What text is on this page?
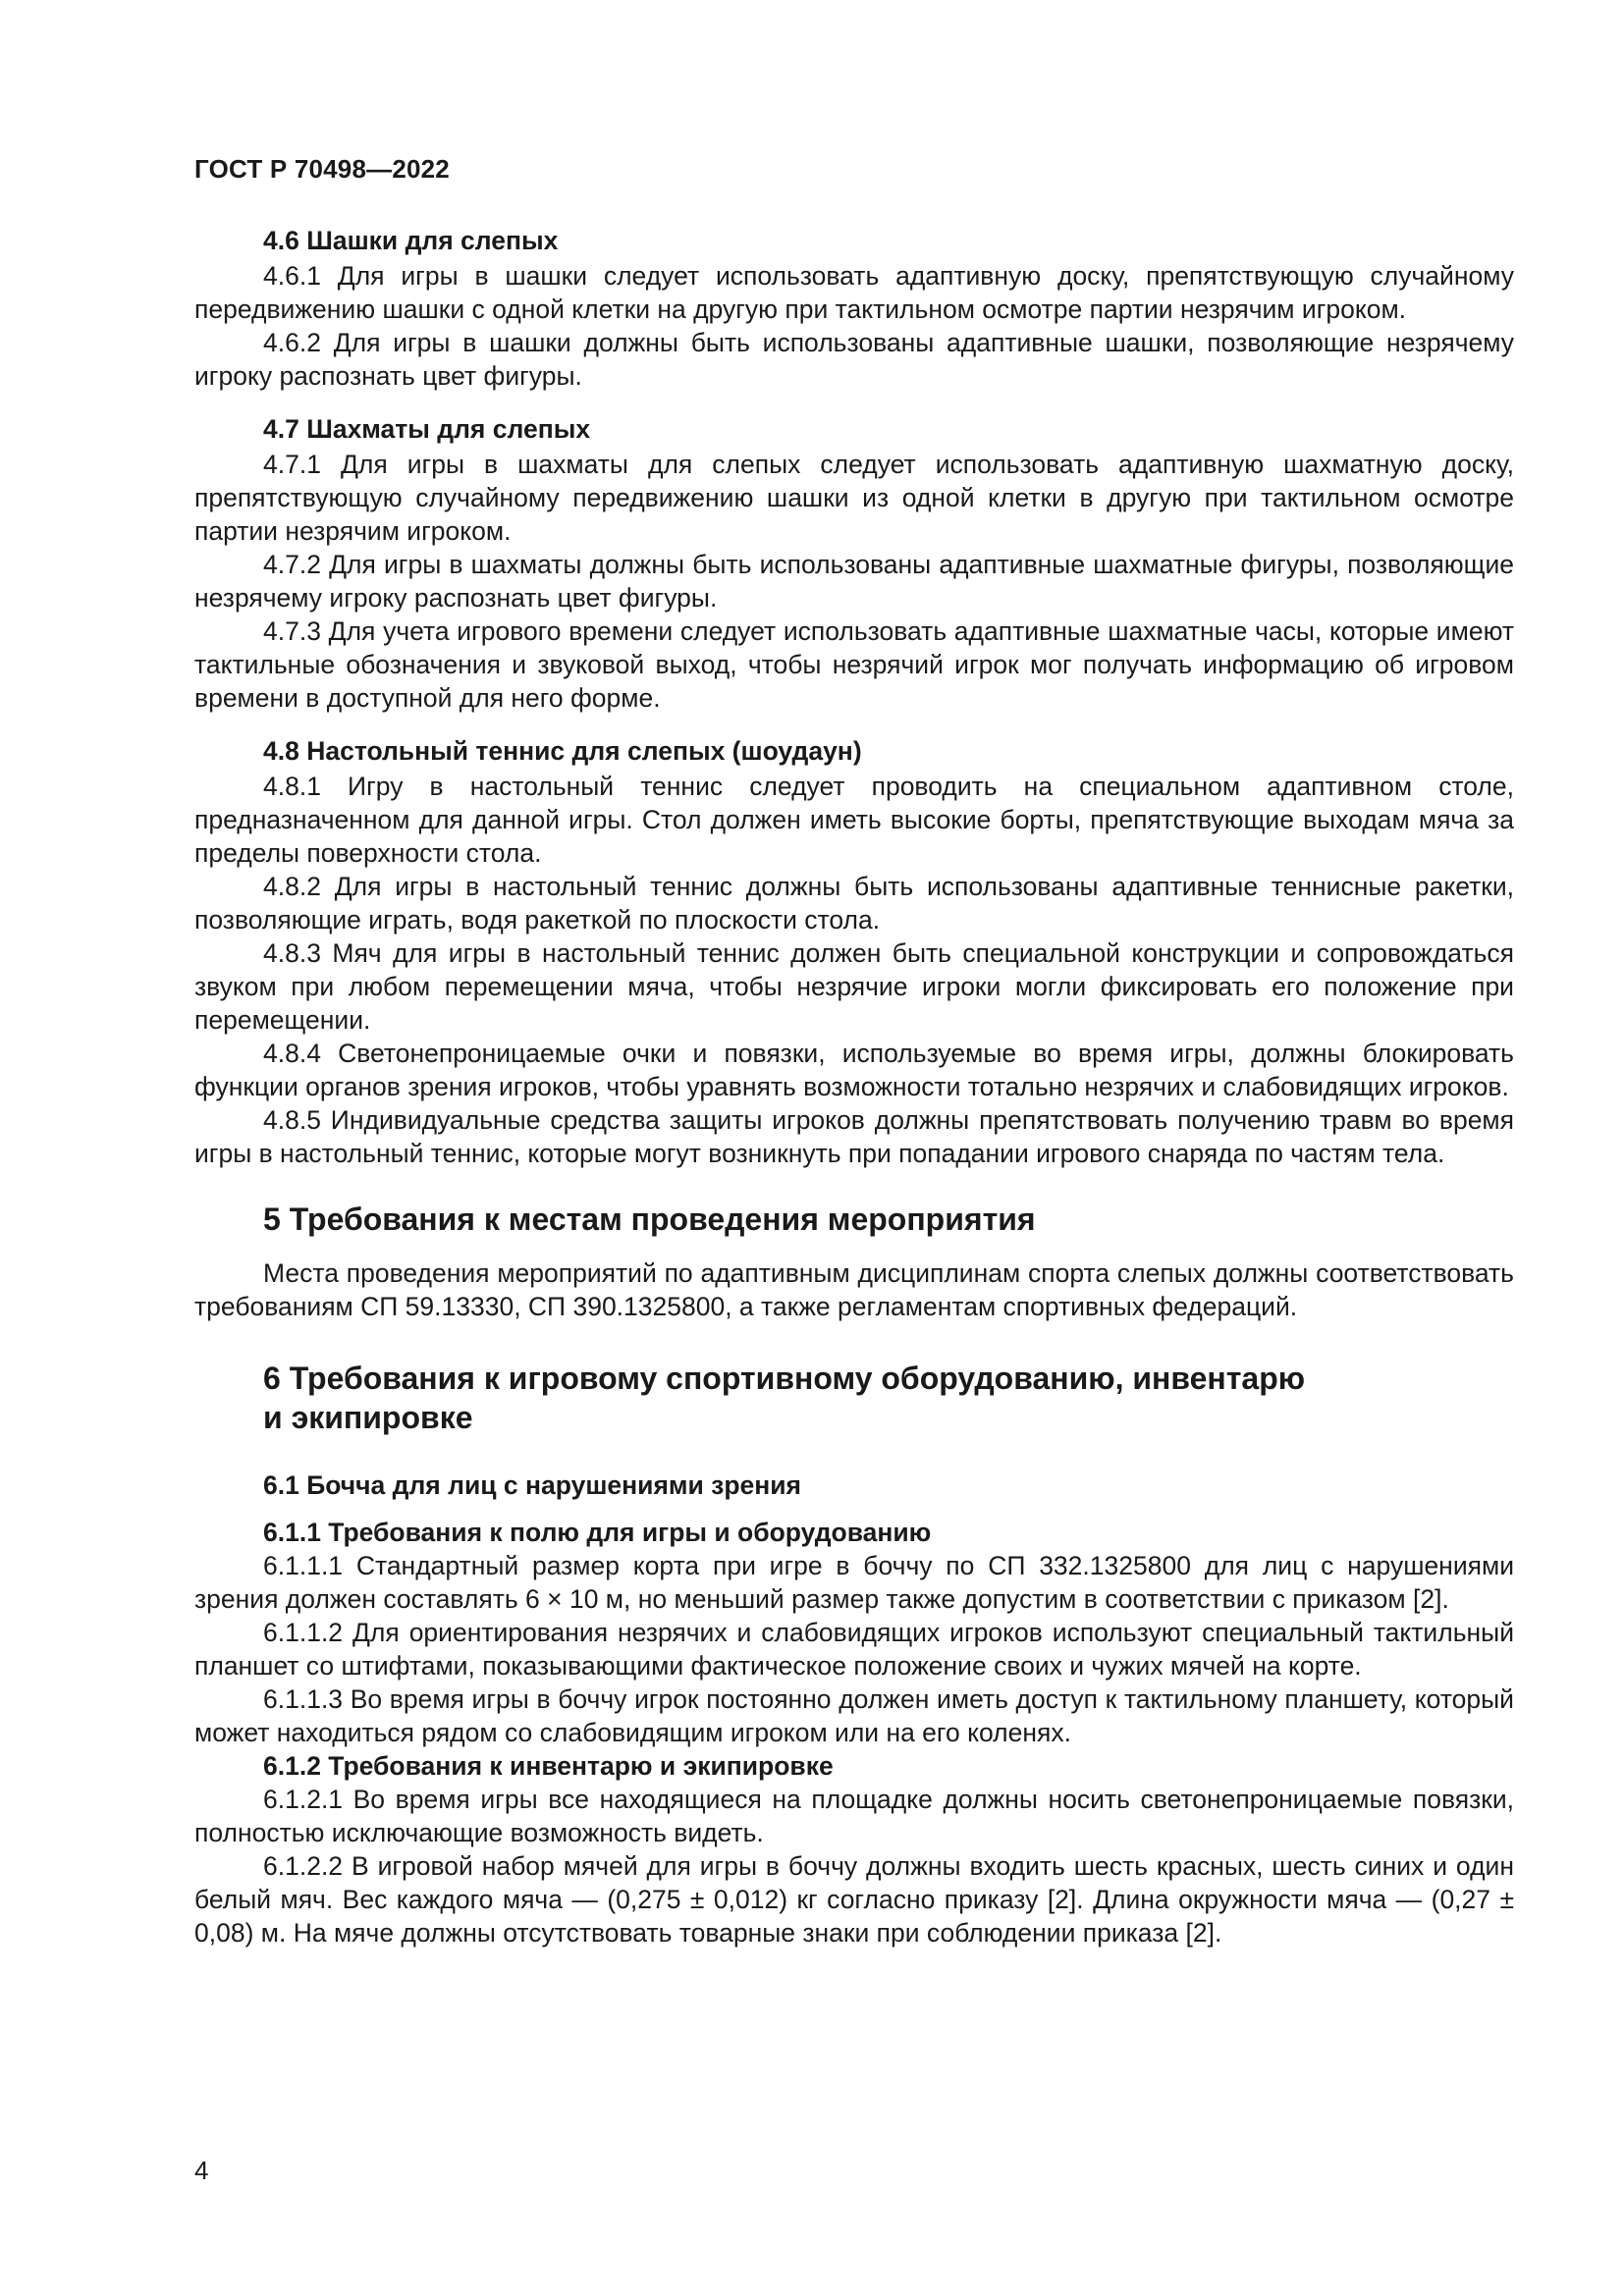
ГОСТ Р 70498—2022
4.6 Шашки для слепых

4.6.1 Для игры в шашки следует использовать адаптивную доску, препятствующую случайному передвижению шашки с одной клетки на другую при тактильном осмотре партии незрячим игроком.

4.6.2 Для игры в шашки должны быть использованы адаптивные шашки, позволяющие незрячему игроку распознать цвет фигуры.

4.7 Шахматы для слепых

4.7.1 Для игры в шахматы для слепых следует использовать адаптивную шахматную доску, препятствующую случайному передвижению шашки из одной клетки в другую при тактильном осмотре партии незрячим игроком.

4.7.2 Для игры в шахматы должны быть использованы адаптивные шахматные фигуры, позволяющие незрячему игроку распознать цвет фигуры.

4.7.3 Для учета игрового времени следует использовать адаптивные шахматные часы, которые имеют тактильные обозначения и звуковой выход, чтобы незрячий игрок мог получать информацию об игровом времени в доступной для него форме.

4.8 Настольный теннис для слепых (шоудаун)

4.8.1 Игру в настольный теннис следует проводить на специальном адаптивном столе, предназначенном для данной игры. Стол должен иметь высокие борты, препятствующие выходам мяча за пределы поверхности стола.

4.8.2 Для игры в настольный теннис должны быть использованы адаптивные теннисные ракетки, позволяющие играть, водя ракеткой по плоскости стола.

4.8.3 Мяч для игры в настольный теннис должен быть специальной конструкции и сопровождаться звуком при любом перемещении мяча, чтобы незрячие игроки могли фиксировать его положение при перемещении.

4.8.4 Светонепроницаемые очки и повязки, используемые во время игры, должны блокировать функции органов зрения игроков, чтобы уравнять возможности тотально незрячих и слабовидящих игроков.

4.8.5 Индивидуальные средства защиты игроков должны препятствовать получению травм во время игры в настольный теннис, которые могут возникнуть при попадании игрового снаряда по частям тела.

5 Требования к местам проведения мероприятия

Места проведения мероприятий по адаптивным дисциплинам спорта слепых должны соответствовать требованиям СП 59.13330, СП 390.1325800, а также регламентам спортивных федераций.

6 Требования к игровому спортивному оборудованию, инвентарю
и экипировке
6.1 Бочча для лиц с нарушениями зрения
6.1.1 Требования к полю для игры и оборудованию

6.1.1.1 Стандартный размер корта при игре в боччу по СП 332.1325800 для лиц с нарушениями зрения должен составлять 6 × 10 м, но меньший размер также допустим в соответствии с приказом [2].

6.1.1.2 Для ориентирования незрячих и слабовидящих игроков используют специальный тактильный планшет со штифтами, показывающими фактическое положение своих и чужих мячей на корте.

6.1.1.3 Во время игры в боччу игрок постоянно должен иметь доступ к тактильному планшету, который может находиться рядом со слабовидящим игроком или на его коленях.

6.1.2 Требования к инвентарю и экипировке

6.1.2.1 Во время игры все находящиеся на площадке должны носить светонепроницаемые повязки, полностью исключающие возможность видеть.

6.1.2.2 В игровой набор мячей для игры в боччу должны входить шесть красных, шесть синих и один белый мяч. Вес каждого мяча — (0,275 ± 0,012) кг согласно приказу [2]. Длина окружности мяча — (0,27 ± 0,08) м. На мяче должны отсутствовать товарные знаки при соблюдении приказа [2].

4
